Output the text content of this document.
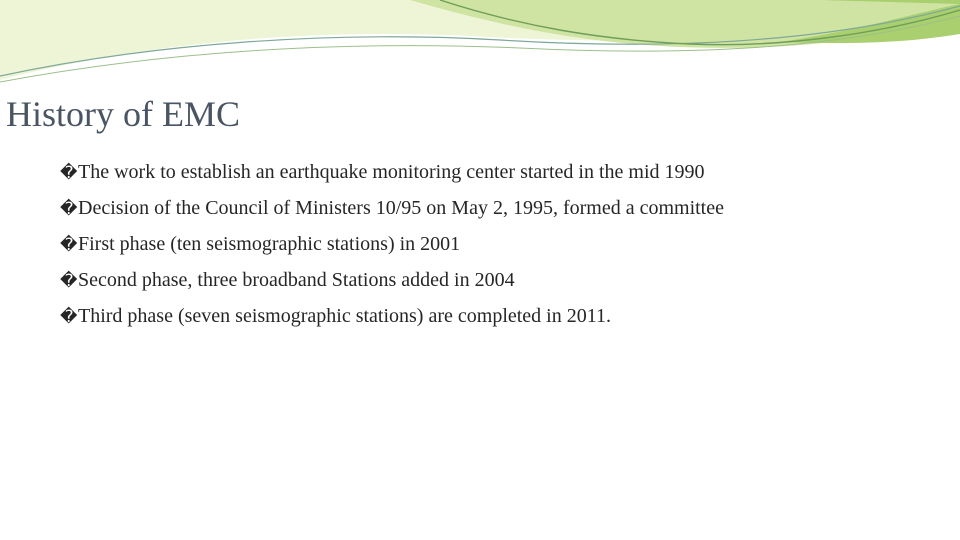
History of EMC
�The work to establish an earthquake monitoring center started in the mid 1990
�Decision of the Council of Ministers 10/95 on May 2, 1995, formed a committee
�First phase (ten seismographic stations) in 2001
�Second phase, three broadband Stations added in 2004
�Third phase (seven seismographic stations) are completed in 2011.
